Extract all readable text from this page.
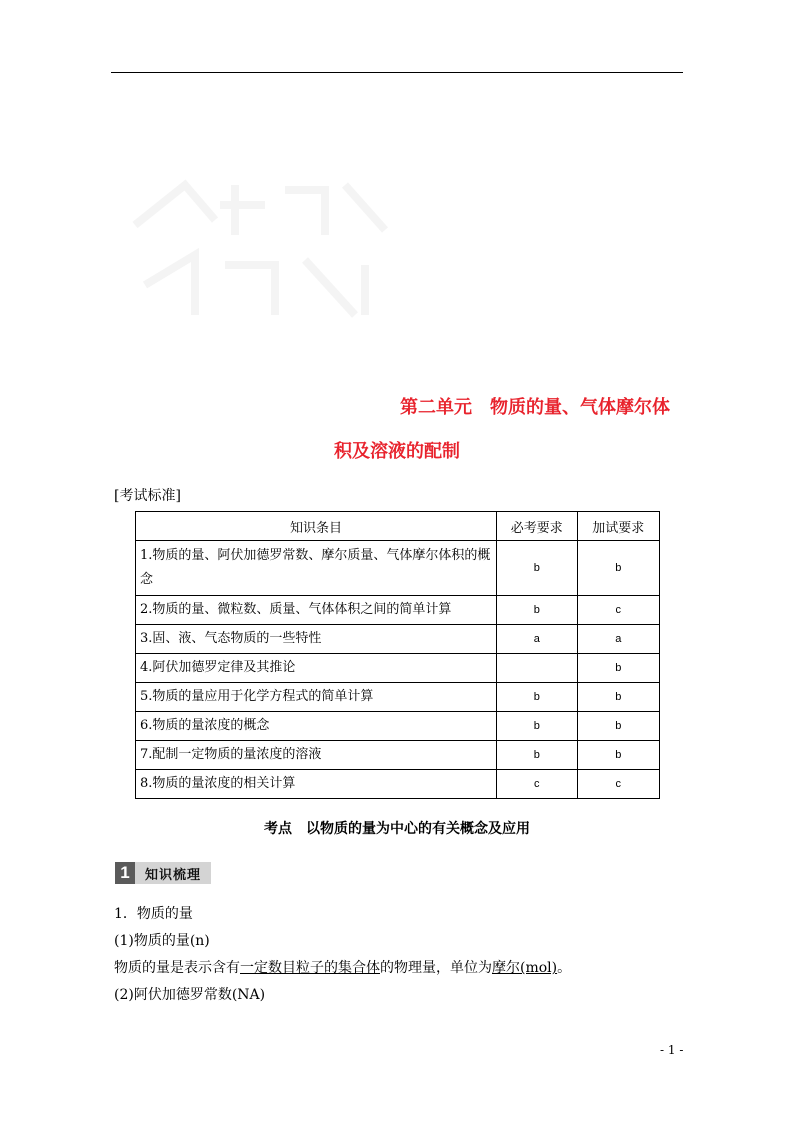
第二单元　物质的量、气体摩尔体
积及溶液的配制
[考试标准]
知识条目	必考要求	加试要求
1.物质的量、阿伏加德罗常数、摩尔质量、气体摩尔体积的概念	b	b
2.物质的量、微粒数、质量、气体体积之间的简单计算	b	c
3.固、液、气态物质的一些特性	a	a
4.阿伏加德罗定律及其推论		b
5.物质的量应用于化学方程式的简单计算	b	b
6.物质的量浓度的概念	b	b
7.配制一定物质的量浓度的溶液	b	b
8.物质的量浓度的相关计算	c	c
考点　以物质的量为中心的有关概念及应用
1	知识梳理
1．物质的量
(1)物质的量(n)
物质的量是表示含有一定数目粒子的集合体的物理量，单位为摩尔(mol)。
(2)阿伏加德罗常数(NA)
- 1 -
